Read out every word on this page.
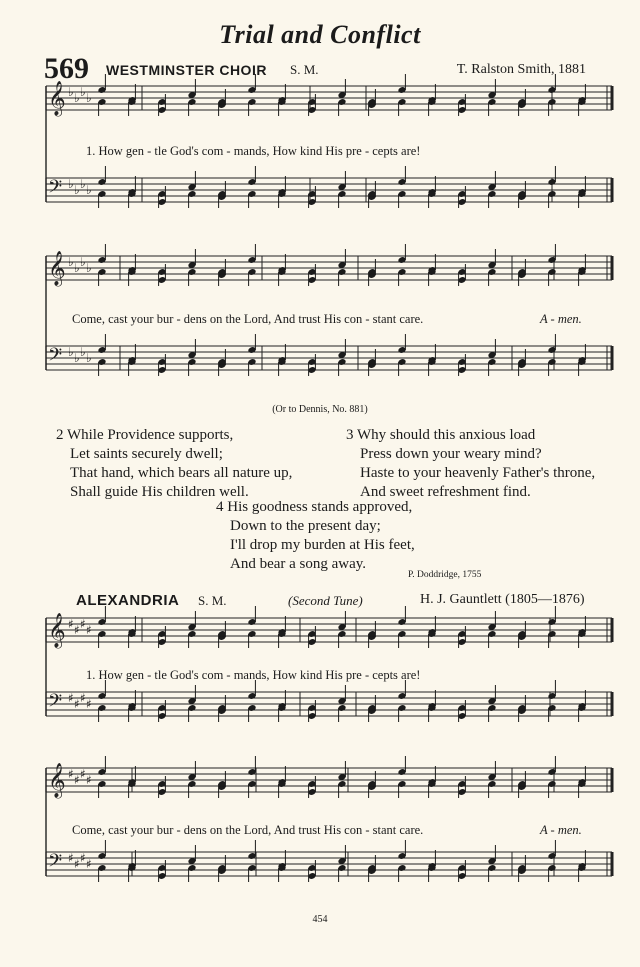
Trial and Conflict
569 WESTMINSTER CHOIR S. M.	T. Ralston Smith, 1881
𝄞 ♭ ♭ ♭ ♭
𝄢 ♭ ♭ ♭ ♭
𝄞 ♭ ♭ ♭ ♭
𝄢 ♭ ♭ ♭ ♭
𝄞 ♯ ♯ ♯ ♯
𝄢 ♯ ♯ ♯ ♯
𝄞 ♯ ♯ ♯ ♯
𝄢 ♯ ♯ ♯ ♯
1. How gen - tle God's com - mands, How kind His pre - cepts are!
Come, cast your bur - dens on the Lord, And trust His con - stant care.	A - men.
(Or to Dennis, No. 881)
2 While Providence supports,
Let saints securely dwell;
That hand, which bears all nature up,
Shall guide His children well.
3 Why should this anxious load
Press down your weary mind?
Haste to your heavenly Father's throne,
And sweet refreshment find.
4 His goodness stands approved,
Down to the present day;
I'll drop my burden at His feet,
And bear a song away.
P. Doddridge, 1755
ALEXANDRIA S. M.	(Second Tune)	H. J. Gauntlett (1805—1876)
1. How gen - tle God's com - mands, How kind His pre - cepts are!
Come, cast your bur - dens on the Lord, And trust His con - stant care.	A - men.
454
